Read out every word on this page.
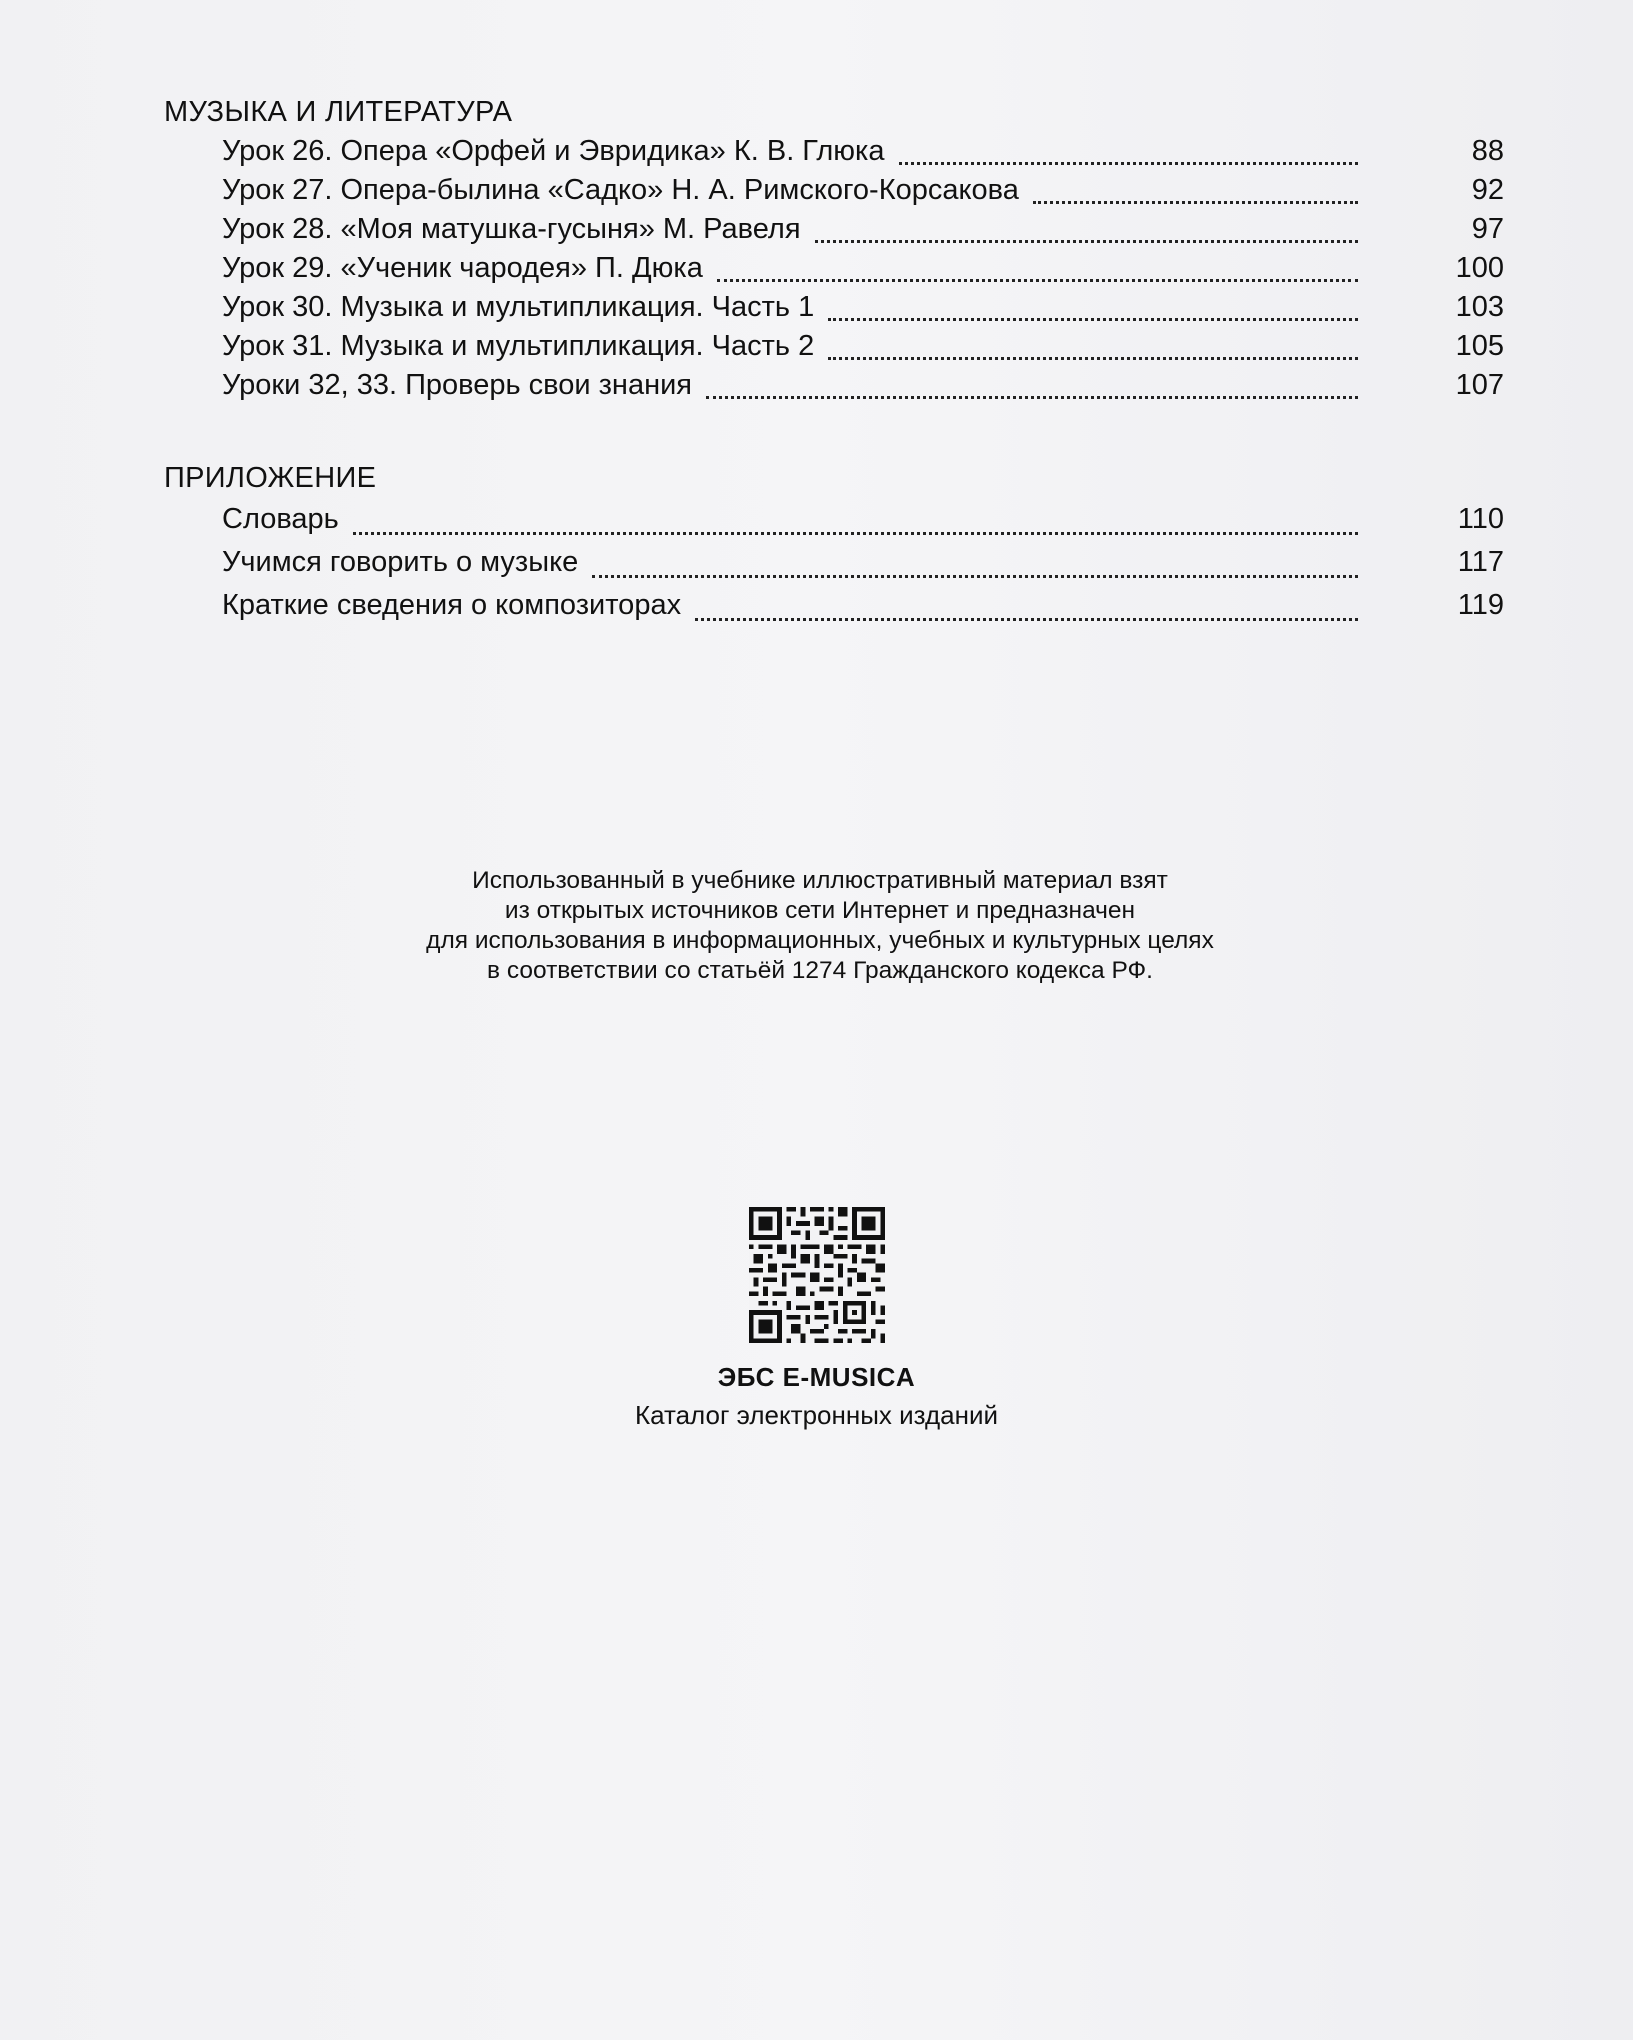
МУЗЫКА И ЛИТЕРАТУРА
Урок 26. Опера «Орфей и Эвридика» К. В. Глюка	88
Урок 27. Опера-былина «Садко» Н. А. Римского-Корсакова	92
Урок 28. «Моя матушка-гусыня» М. Равеля	97
Урок 29. «Ученик чародея» П. Дюка	100
Урок 30. Музыка и мультипликация. Часть 1	103
Урок 31. Музыка и мультипликация. Часть 2	105
Уроки 32, 33. Проверь свои знания	107
ПРИЛОЖЕНИЕ
Словарь	110
Учимся говорить о музыке	117
Краткие сведения о композиторах	119

Использованный в учебнике иллюстративный материал взят

из открытых источников сети Интернет и предназначен

для использования в информационных, учебных и культурных целях

в соответствии со статьёй 1274 Гражданского кодекса РФ.

ЭБС E-MUSICA
Каталог электронных изданий
